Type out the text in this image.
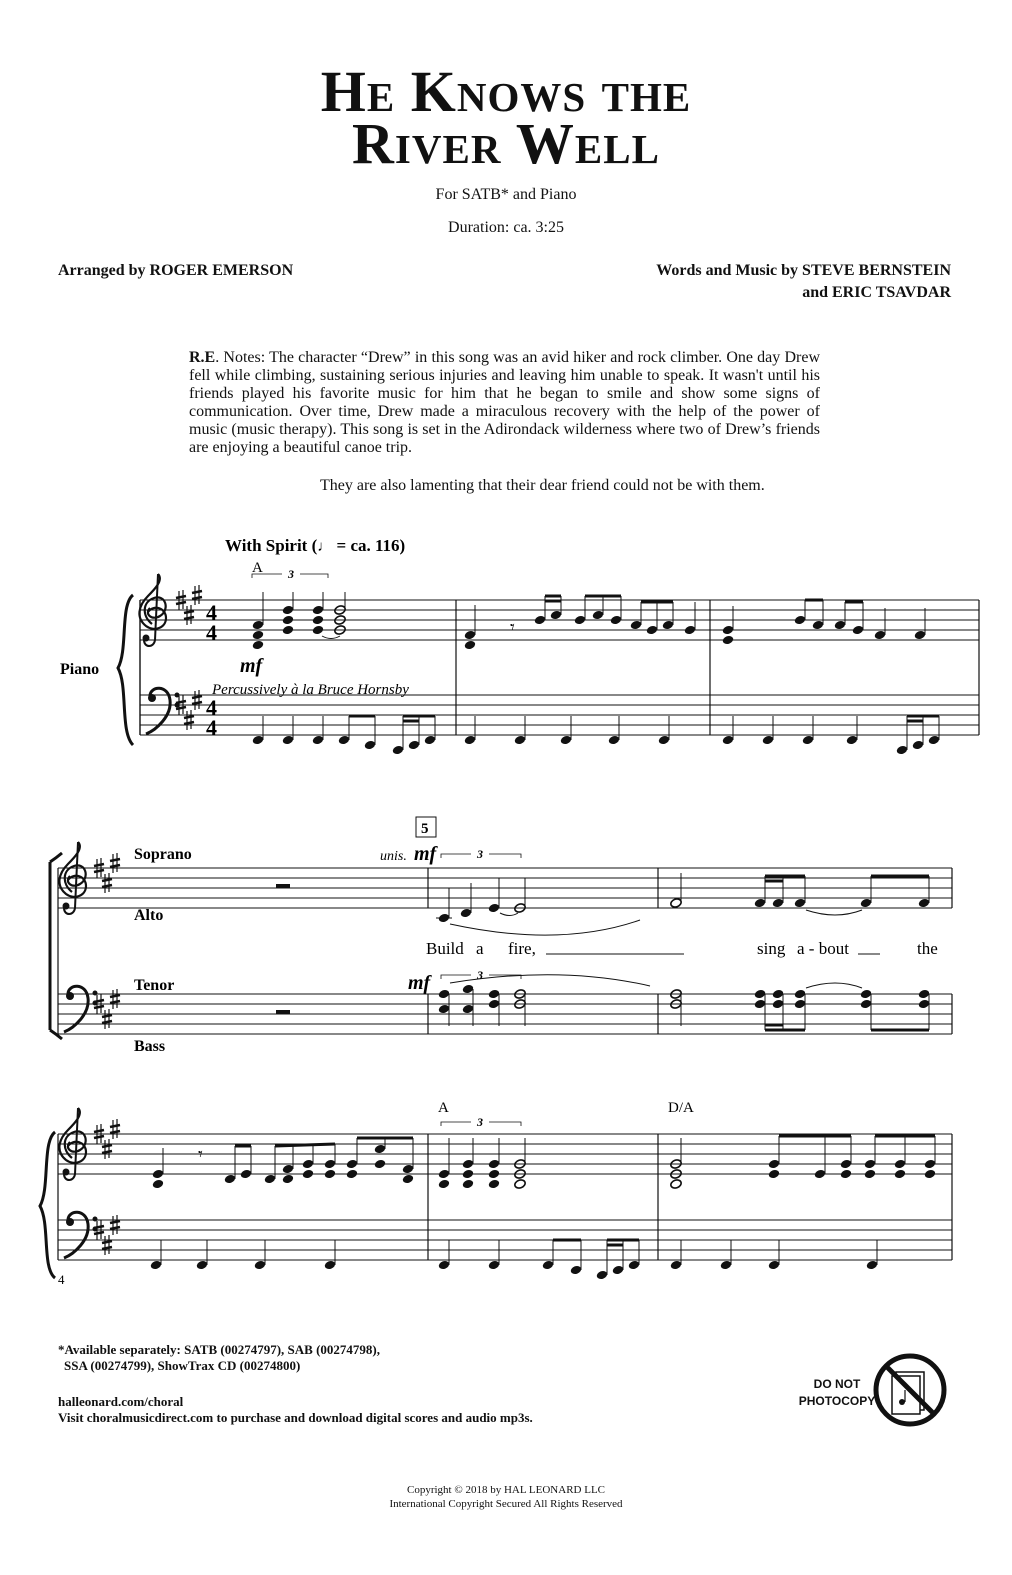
He Knows the
River Well
For SATB* and Piano
Duration: ca. 3:25
Arranged by ROGER EMERSON	Words and Music by STEVE BERNSTEIN
and ERIC TSAVDAR
R.E. Notes: The character “Drew” in this song was an avid hiker and rock climber. One day Drew fell while climbing, sustaining serious injuries and leaving him unable to speak. It wasn't until his friends played his favorite music for him that he began to smile and show some signs of communication. Over time, Drew made a miraculous recovery with the help of the power of music (music therapy). This song is set in the Adirondack wilderness where two of Drew’s friends are enjoying a beautiful canoe trip.
They are also lamenting that their dear friend could not be with them.
With Spirit (♩ = ca. 116)
A 3
Piano
4
4
4
4
mf
Percussively à la Bruce Hornsby
𝄾
5
unis. mf	3
Soprano
Alto
Tenor
Bass
Build a fire,	sing a - bout	the
mf	3
A	D/A
3
𝄾
4
*Available separately: SATB (00274797), SAB (00274798),
SSA (00274799), ShowTrax CD (00274800)
halleonard.com/choral
Visit choralmusicdirect.com to purchase and download digital scores and audio mp3s.
DO NOT
PHOTOCOPY
Copyright © 2018 by HAL LEONARD LLC
International Copyright Secured All Rights Reserved
